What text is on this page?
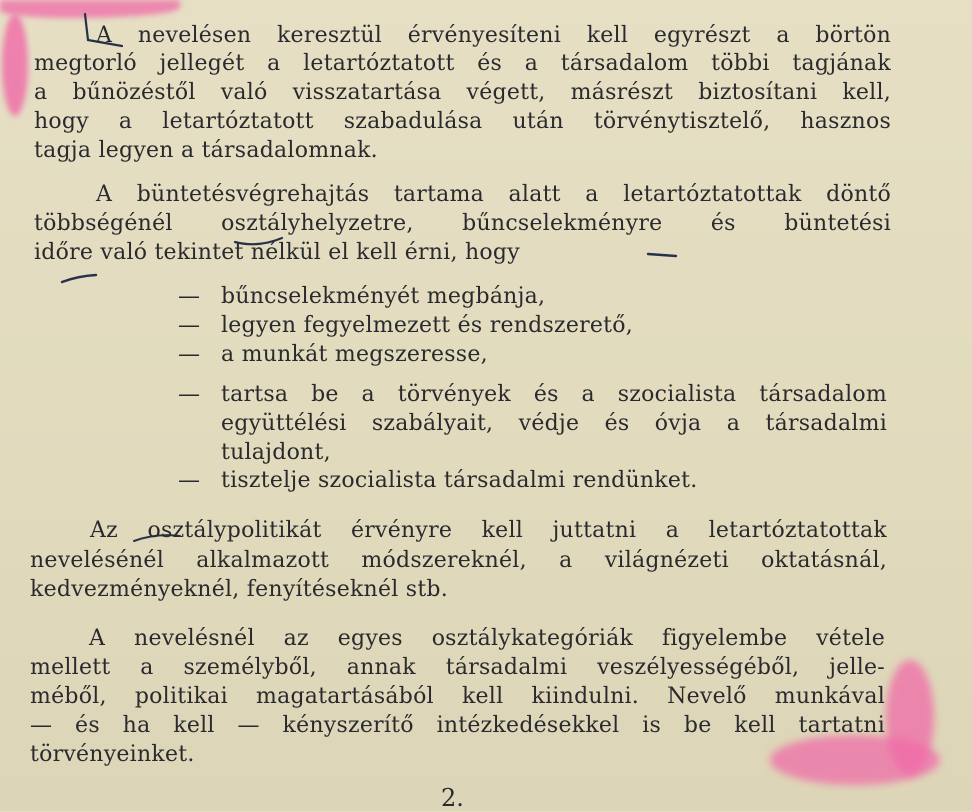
A nevelésen keresztül érvényesíteni kell egyrészt a börtön
megtorló jellegét a letartóztatott és a társadalom többi tagjának
a bűnözéstől való visszatartása végett, másrészt biztosítani kell,
hogy a letartóztatott szabadulása után törvénytisztelő, hasznos
tagja legyen a társadalomnak.
A büntetésvégrehajtás tartama alatt a letartóztatottak döntő
többségénél osztályhelyzetre, bűncselekményre és büntetési
időre való tekintet nélkül el kell érni, hogy
— bűncselekményét megbánja,
— legyen fegyelmezett és rendszerető,
— a munkát megszeresse,
— tartsa be a törvények és a szocialista társadalom
együttélési szabályait, védje és óvja a társadalmi
tulajdont,
— tisztelje szocialista társadalmi rendünket.
Az osztálypolitikát érvényre kell juttatni a letartóztatottak
nevelésénél alkalmazott módszereknél, a világnézeti oktatásnál,
kedvezményeknél, fenyítéseknél stb.
A nevelésnél az egyes osztálykategóriák figyelembe vétele
mellett a személyből, annak társadalmi veszélyességéből, jelle-
méből, politikai magatartásából kell kiindulni. Nevelő munkával
— és ha kell — kényszerítő intézkedésekkel is be kell tartatni
törvényeinket.
2.
